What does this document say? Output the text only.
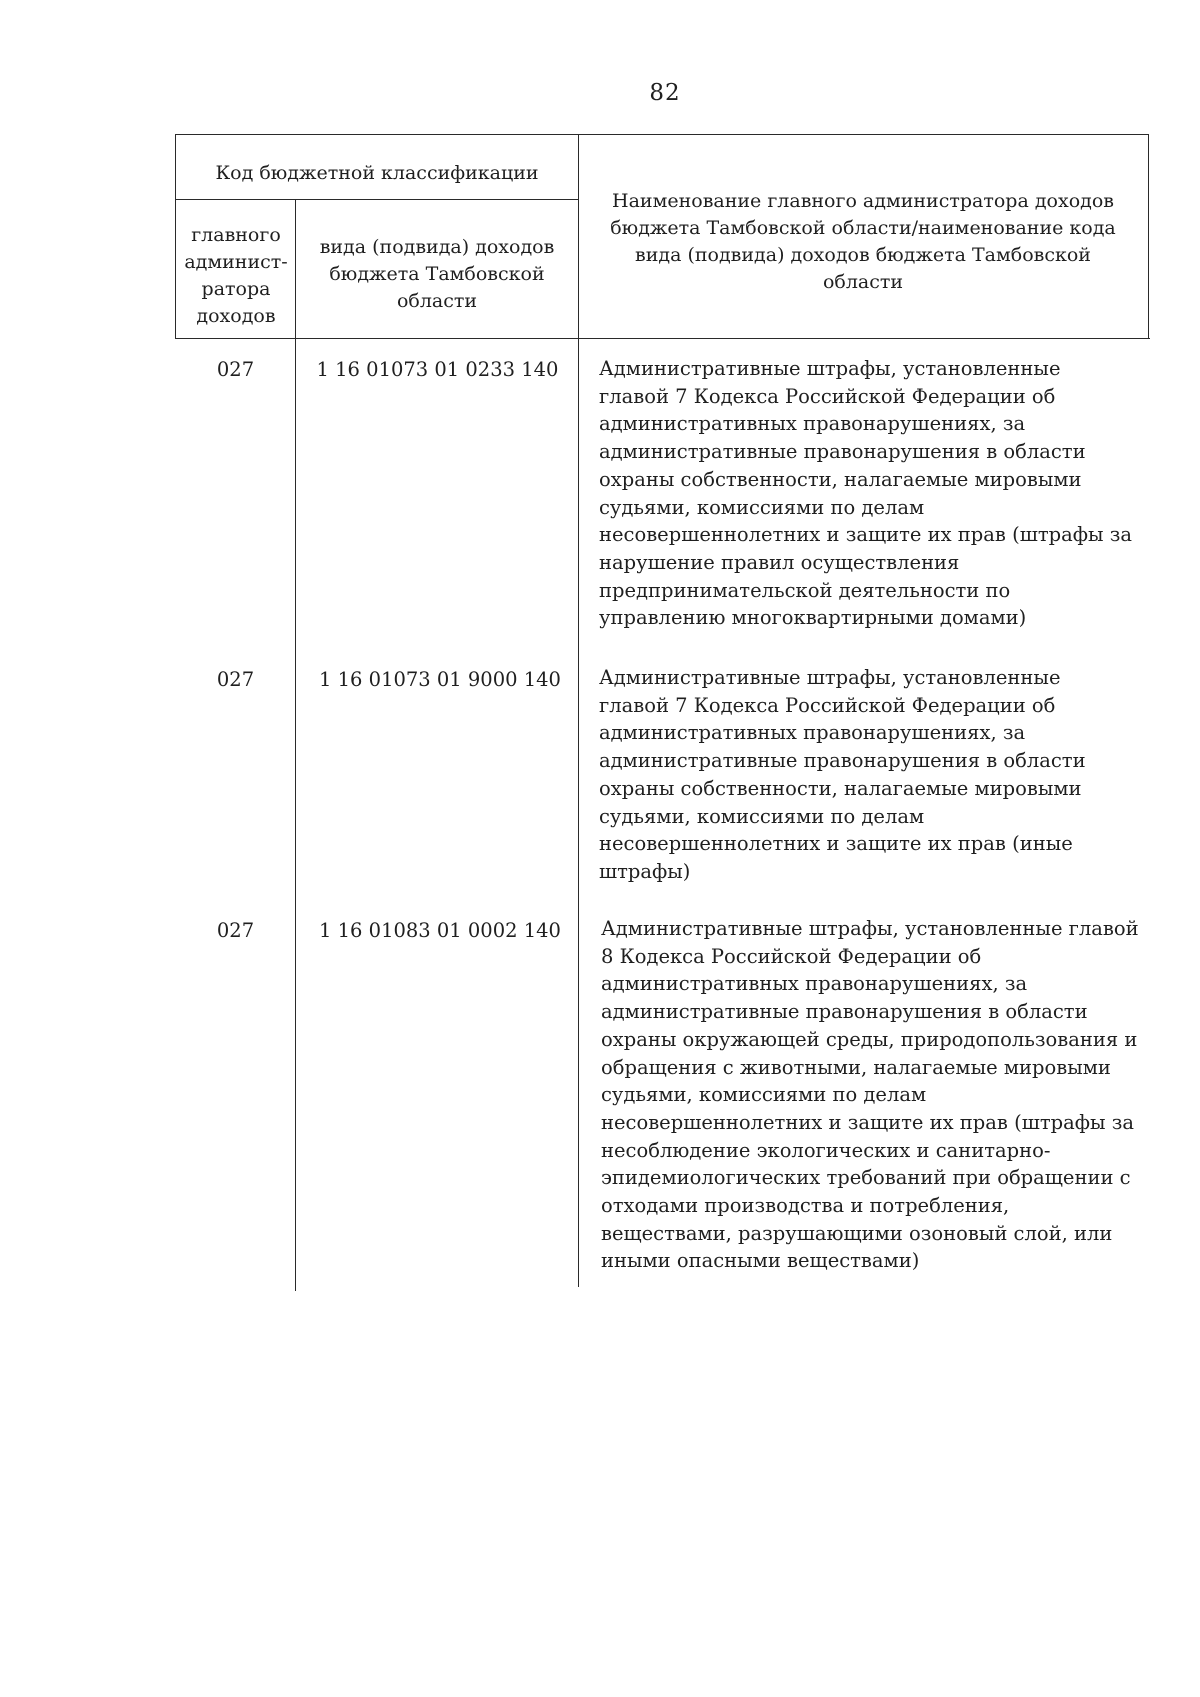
82
Код бюджетной классификации
главного админист-ратора доходов
вида (подвида) доходов бюджета Тамбовской области
Наименование главного администратора доходов бюджета Тамбовской области/наименование кода вида (подвида) доходов бюджета Тамбовской области
027	1 16 01073 01 0233 140	Административные штрафы, установленные главой 7 Кодекса Российской Федерации об административных правонарушениях, за административные правонарушения в области охраны собственности, налагаемые мировыми судьями, комиссиями по делам несовершеннолетних и защите их прав (штрафы за нарушение правил осуществления предпринимательской деятельности по управлению многоквартирными домами)
027	1 16 01073 01 9000 140	Административные штрафы, установленные главой 7 Кодекса Российской Федерации об административных правонарушениях, за административные правонарушения в области охраны собственности, налагаемые мировыми судьями, комиссиями по делам несовершеннолетних и защите их прав (иные штрафы)
027	1 16 01083 01 0002 140	Административные штрафы, установленные главой 8 Кодекса Российской Федерации об административных правонарушениях, за административные правонарушения в области охраны окружающей среды, природопользования и обращения с животными, налагаемые мировыми судьями, комиссиями по делам несовершеннолетних и защите их прав (штрафы за несоблюдение экологических и санитарно-эпидемиологических требований при обращении с отходами производства и потребления, веществами, разрушающими озоновый слой, или иными опасными веществами)
